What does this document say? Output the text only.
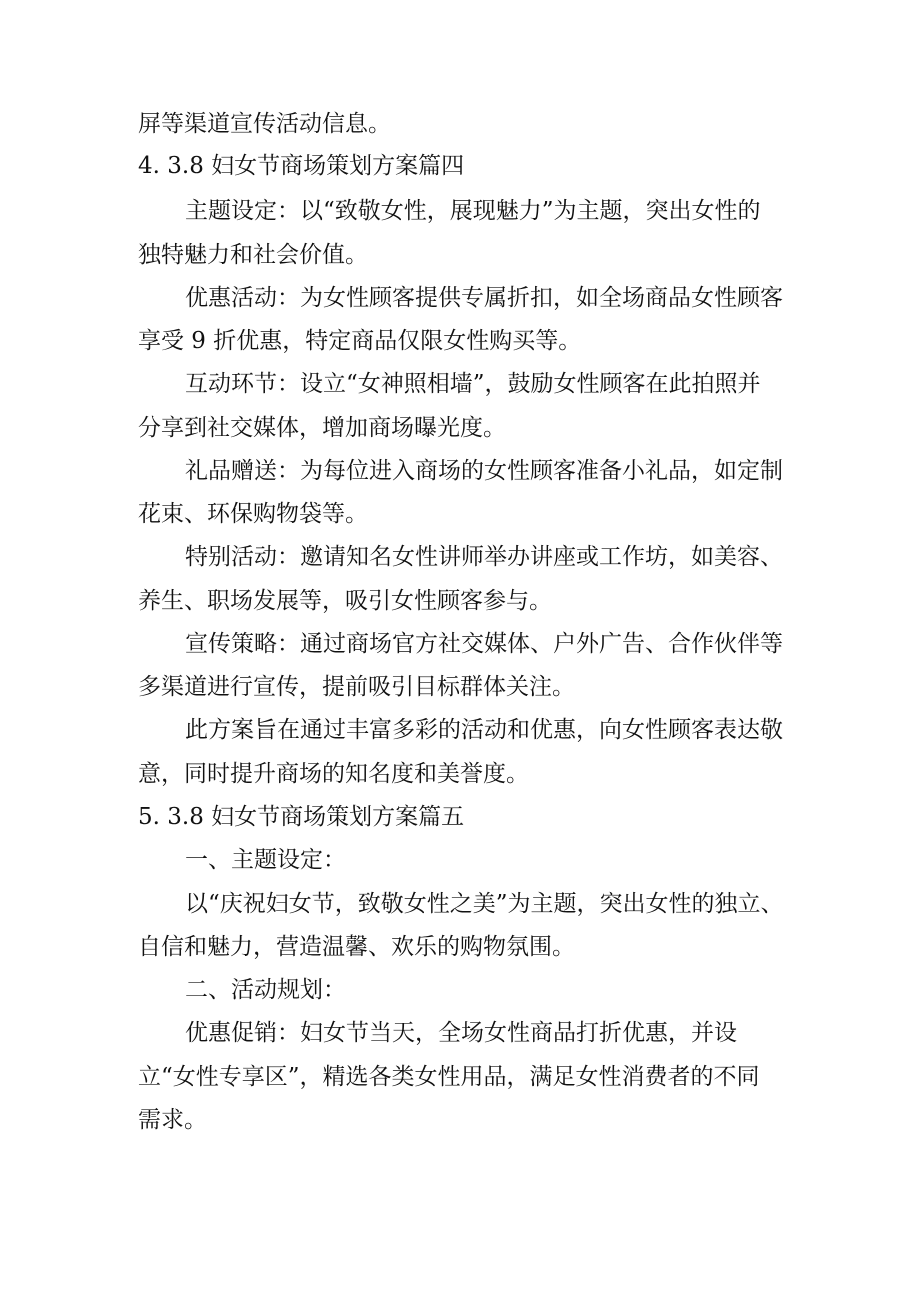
屏等渠道宣传活动信息。
4. 3.8 妇女节商场策划方案篇四
主题设定：以“致敬女性，展现魅力”为主题，突出女性的
独特魅力和社会价值。
优惠活动：为女性顾客提供专属折扣，如全场商品女性顾客
享受 9 折优惠，特定商品仅限女性购买等。
互动环节：设立“女神照相墙”，鼓励女性顾客在此拍照并
分享到社交媒体，增加商场曝光度。
礼品赠送：为每位进入商场的女性顾客准备小礼品，如定制
花束、环保购物袋等。
特别活动：邀请知名女性讲师举办讲座或工作坊，如美容、
养生、职场发展等，吸引女性顾客参与。
宣传策略：通过商场官方社交媒体、户外广告、合作伙伴等
多渠道进行宣传，提前吸引目标群体关注。
此方案旨在通过丰富多彩的活动和优惠，向女性顾客表达敬
意，同时提升商场的知名度和美誉度。
5. 3.8 妇女节商场策划方案篇五
一、主题设定：
以“庆祝妇女节，致敬女性之美”为主题，突出女性的独立、
自信和魅力，营造温馨、欢乐的购物氛围。
二、活动规划：
优惠促销：妇女节当天，全场女性商品打折优惠，并设
立“女性专享区”，精选各类女性用品，满足女性消费者的不同
需求。
